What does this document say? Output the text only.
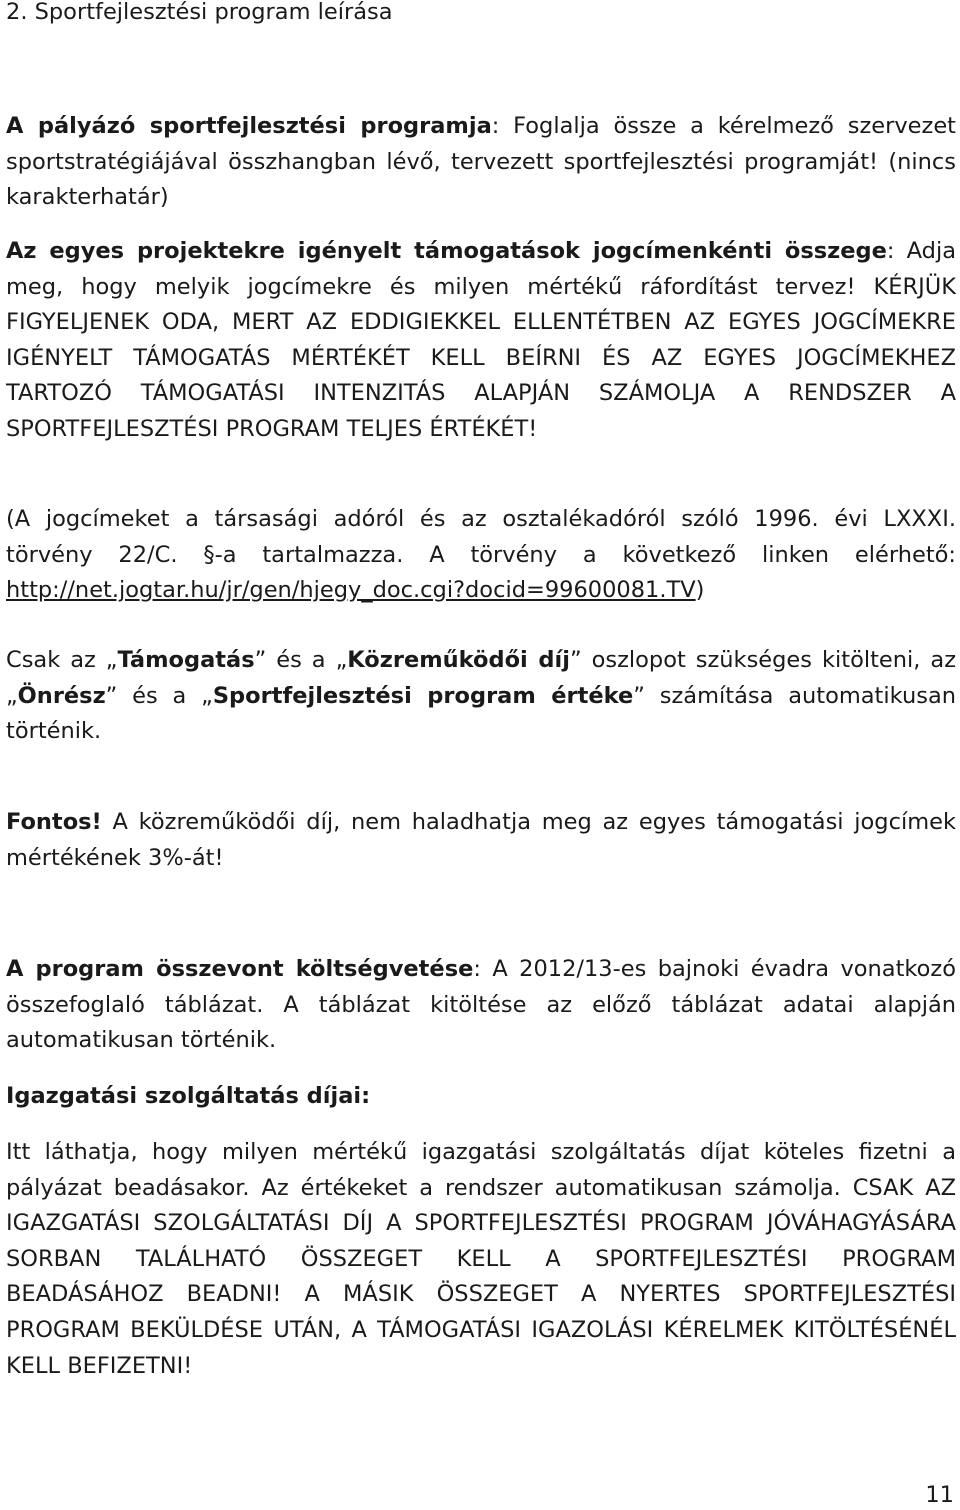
2. Sportfejlesztési program leírása
A pályázó sportfejlesztési programja: Foglalja össze a kérelmező szervezet sportstratégiájával összhangban lévő, tervezett sportfejlesztési programját! (nincs karakterhatár)
Az egyes projektekre igényelt támogatások jogcímenkénti összege: Adja meg, hogy melyik jogcímekre és milyen mértékű ráfordítást tervez! KÉRJÜK FIGYELJENEK ODA, MERT AZ EDDIGIEKKEL ELLENTÉTBEN AZ EGYES JOGCÍMEKRE IGÉNYELT TÁMOGATÁS MÉRTÉKÉT KELL BEÍRNI ÉS AZ EGYES JOGCÍMEKHEZ TARTOZÓ TÁMOGATÁSI INTENZITÁS ALAPJÁN SZÁMOLJA A RENDSZER A SPORTFEJLESZTÉSI PROGRAM TELJES ÉRTÉKÉT!
(A jogcímeket a társasági adóról és az osztalékadóról szóló 1996. évi LXXXI. törvény 22/C. §-a tartalmazza. A törvény a következő linken elérhető: http://net.jogtar.hu/jr/gen/hjegy_doc.cgi?docid=99600081.TV)
Csak az „Támogatás” és a „Közreműködői díj” oszlopot szükséges kitölteni, az „Önrész” és a „Sportfejlesztési program értéke” számítása automatikusan történik.
Fontos! A közreműködői díj, nem haladhatja meg az egyes támogatási jogcímek mértékének 3%-át!
A program összevont költségvetése: A 2012/13-es bajnoki évadra vonatkozó összefoglaló táblázat. A táblázat kitöltése az előző táblázat adatai alapján automatikusan történik.
Igazgatási szolgáltatás díjai:
Itt láthatja, hogy milyen mértékű igazgatási szolgáltatás díjat köteles fizetni a pályázat beadásakor. Az értékeket a rendszer automatikusan számolja. CSAK AZ IGAZGATÁSI SZOLGÁLTATÁSI DÍJ A SPORTFEJLESZTÉSI PROGRAM JÓVÁHAGYÁSÁRA SORBAN TALÁLHATÓ ÖSSZEGET KELL A SPORTFEJLESZTÉSI PROGRAM BEADÁSÁHOZ BEADNI! A MÁSIK ÖSSZEGET A NYERTES SPORTFEJLESZTÉSI PROGRAM BEKÜLDÉSE UTÁN, A TÁMOGATÁSI IGAZOLÁSI KÉRELMEK KITÖLTÉSÉNÉL KELL BEFIZETNI!
11
